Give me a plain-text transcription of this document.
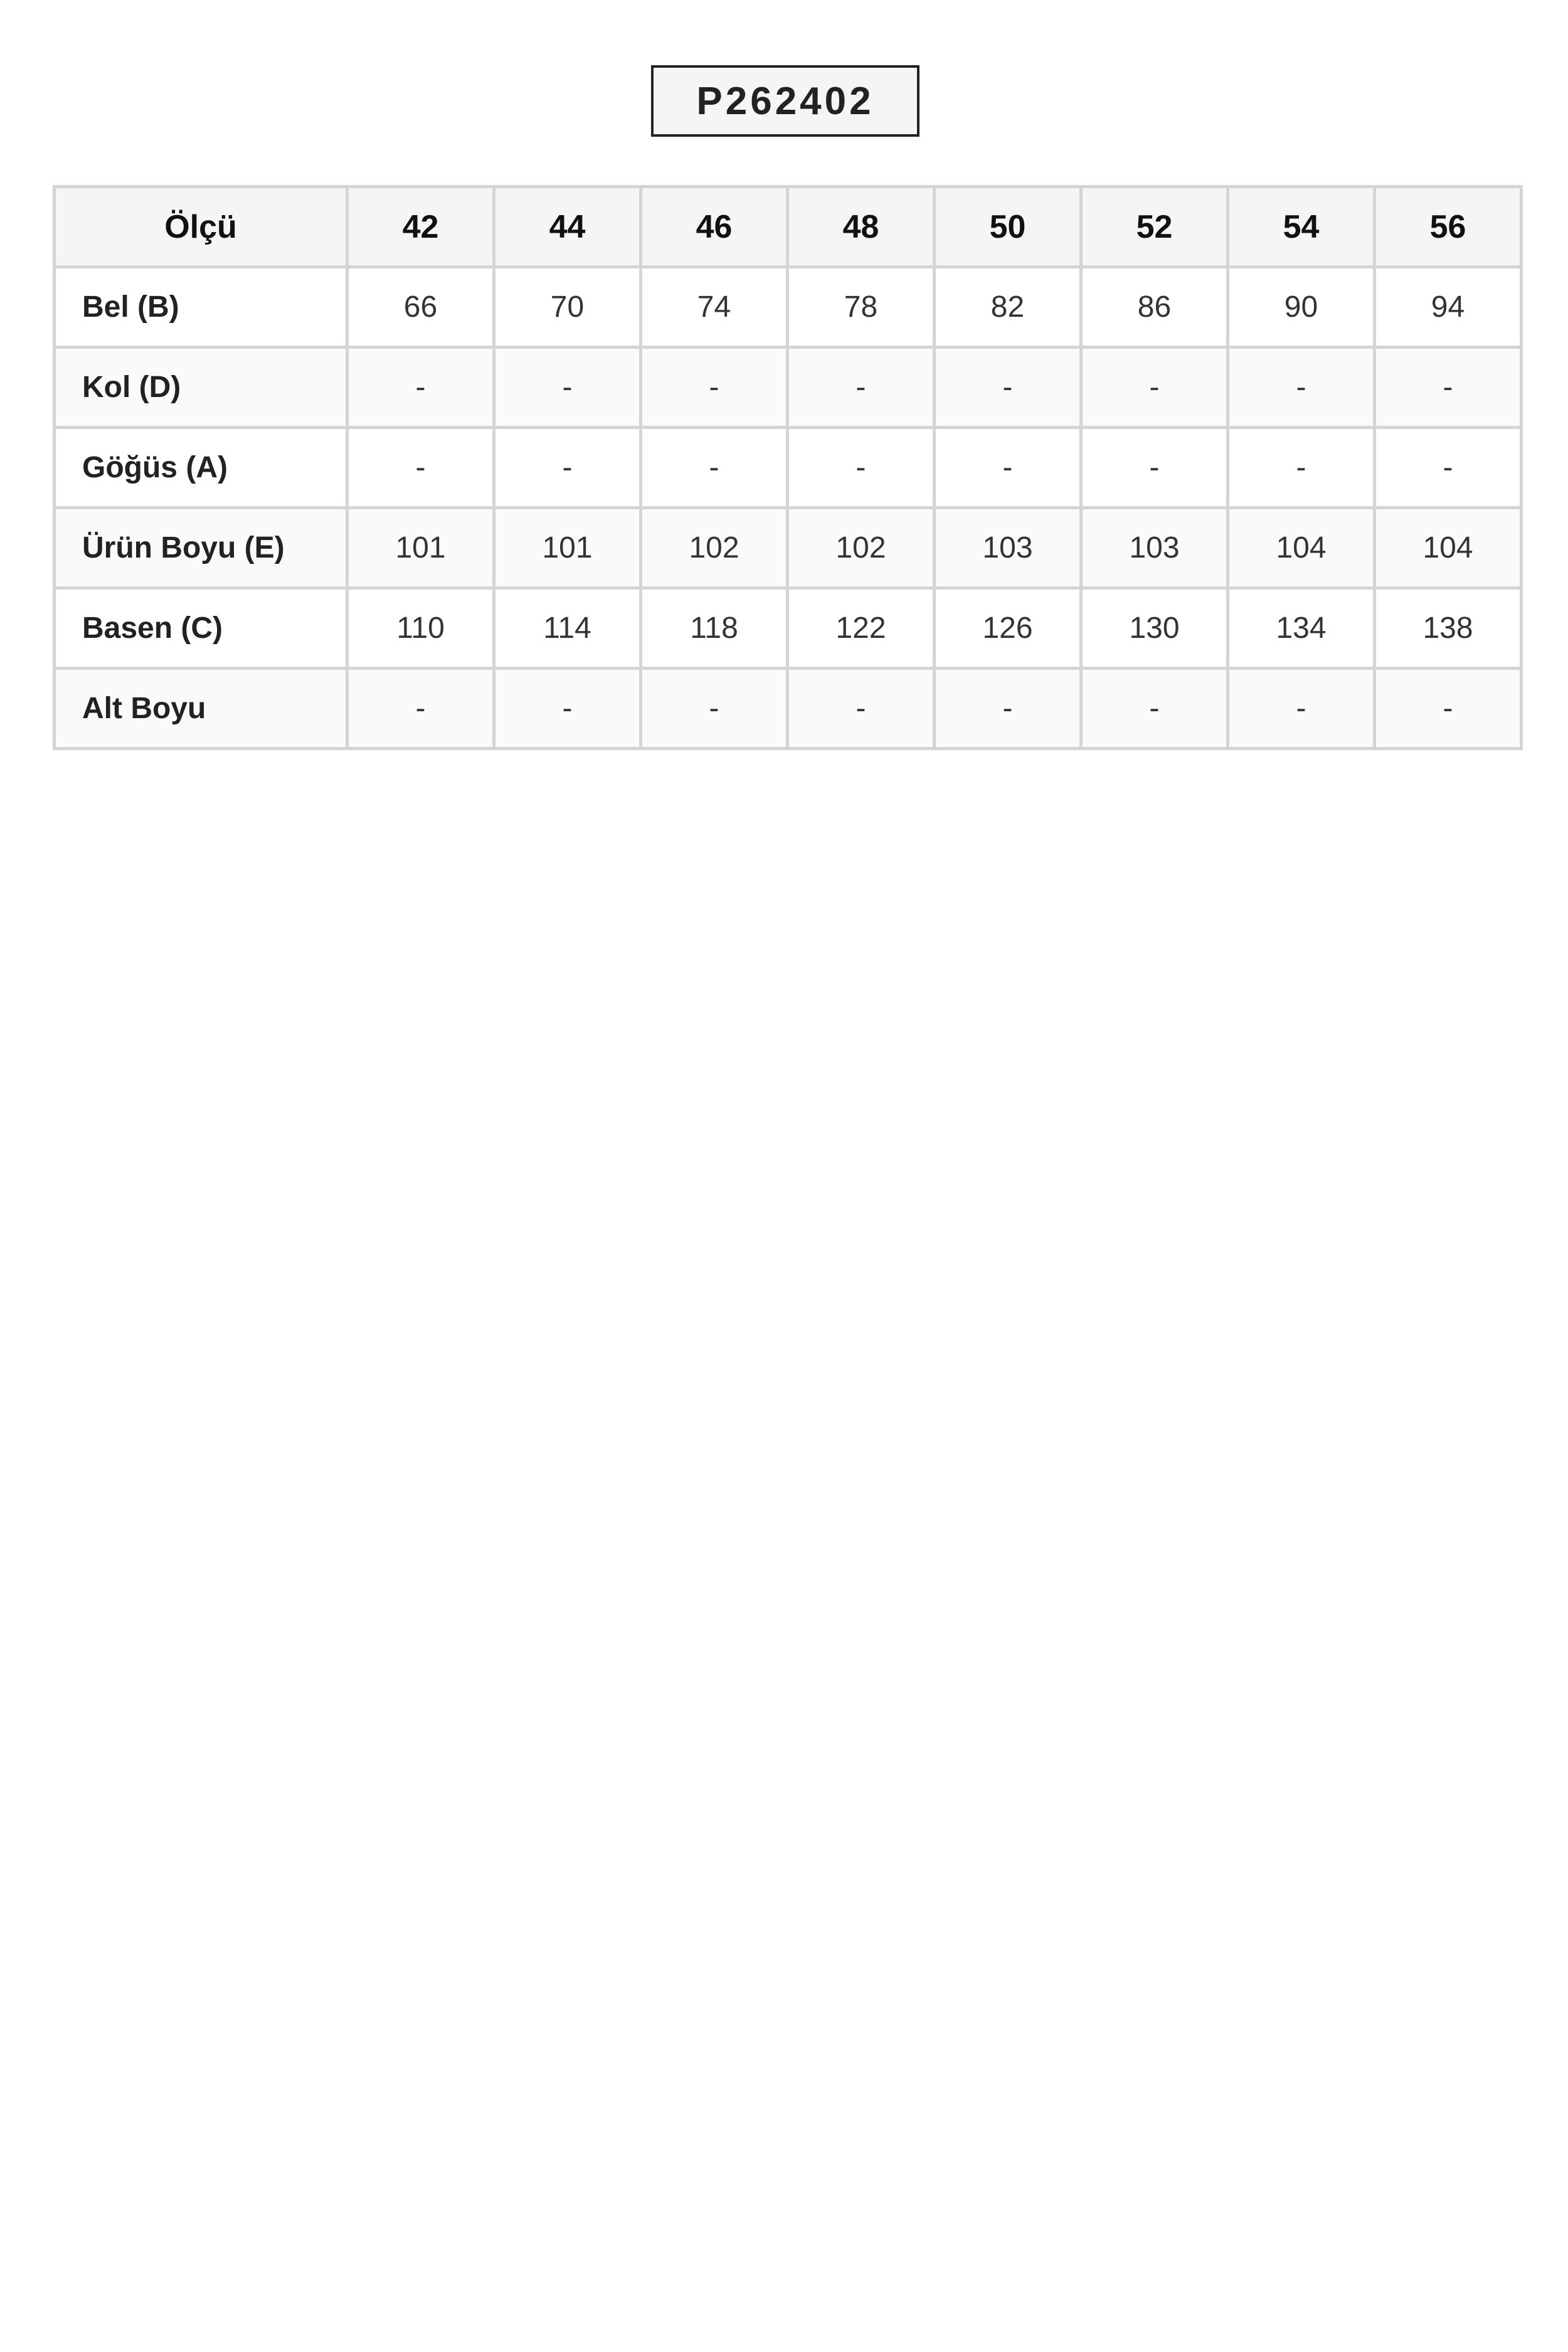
P262402
Ölçü	42	44	46	48	50	52	54	56
Bel (B)	66	70	74	78	82	86	90	94
Kol (D)	-	-	-	-	-	-	-	-
Göğüs (A)	-	-	-	-	-	-	-	-
Ürün Boyu (E)	101	101	102	102	103	103	104	104
Basen (C)	110	114	118	122	126	130	134	138
Alt Boyu	-	-	-	-	-	-	-	-
